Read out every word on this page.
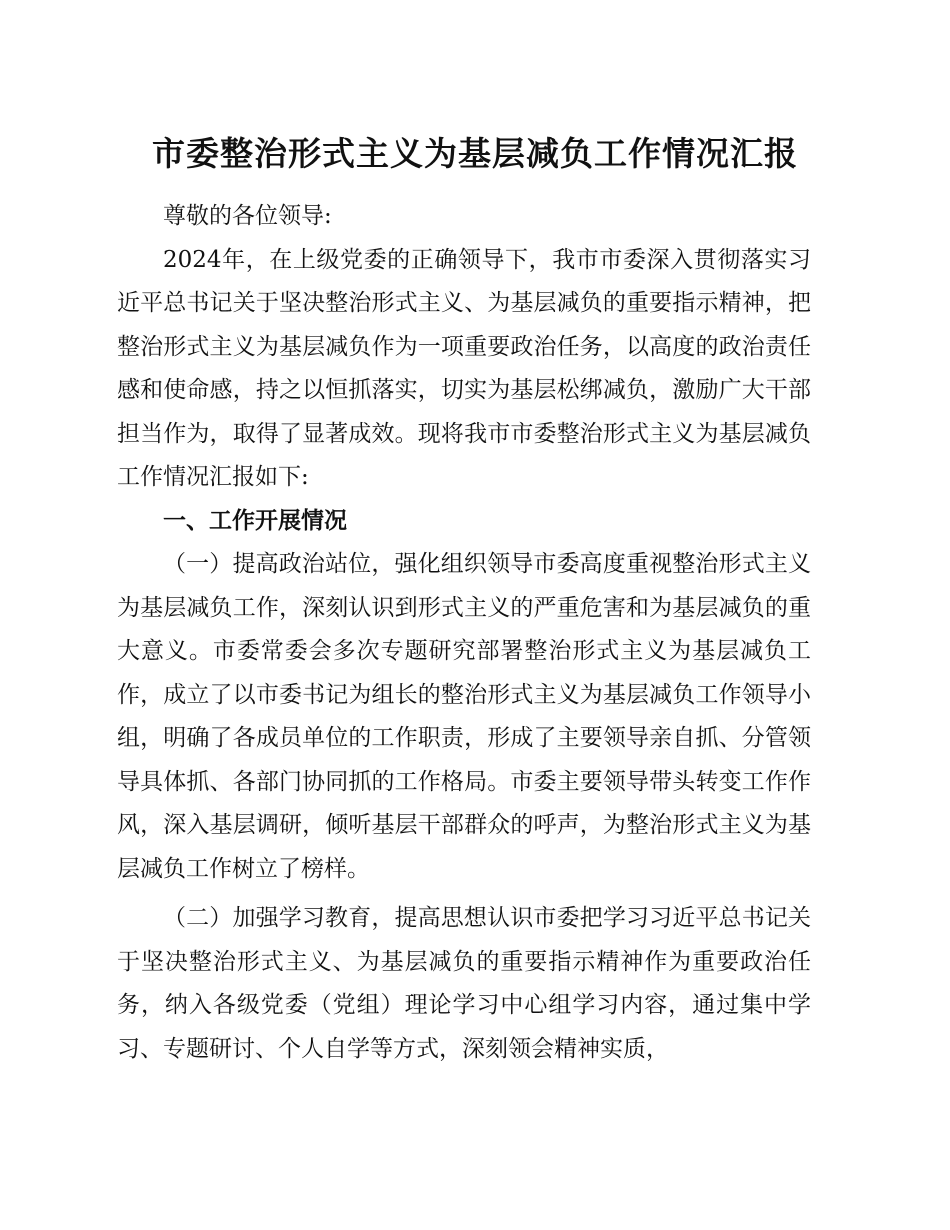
市委整治形式主义为基层减负工作情况汇报

尊敬的各位领导:

2024年，在上级党委的正确领导下，我市市委深入贯彻落实习近平总书记关于坚决整治形式主义、为基层减负的重要指示精神，把整治形式主义为基层减负作为一项重要政治任务，以高度的政治责任感和使命感，持之以恒抓落实，切实为基层松绑减负，激励广大干部担当作为，取得了显著成效。现将我市市委整治形式主义为基层减负工作情况汇报如下:

一、工作开展情况

（一）提高政治站位，强化组织领导市委高度重视整治形式主义为基层减负工作，深刻认识到形式主义的严重危害和为基层减负的重大意义。市委常委会多次专题研究部署整治形式主义为基层减负工作，成立了以市委书记为组长的整治形式主义为基层减负工作领导小组，明确了各成员单位的工作职责，形成了主要领导亲自抓、分管领导具体抓、各部门协同抓的工作格局。市委主要领导带头转变工作作风，深入基层调研，倾听基层干部群众的呼声，为整治形式主义为基层减负工作树立了榜样。

（二）加强学习教育，提高思想认识市委把学习习近平总书记关于坚决整治形式主义、为基层减负的重要指示精神作为重要政治任务，纳入各级党委（党组）理论学习中心组学习内容，通过集中学习、专题研讨、个人自学等方式，深刻领会精神实质，
